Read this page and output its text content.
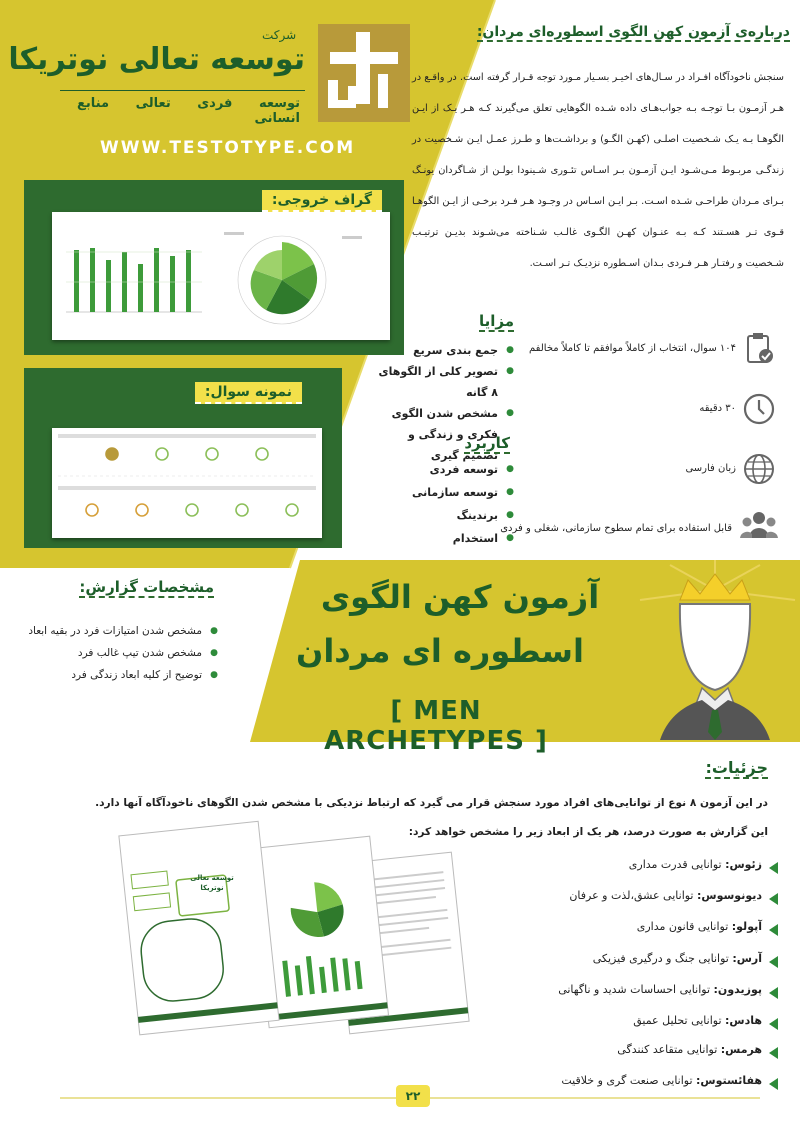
شرکت
توسعه تعالی نوتریکا
توسعه فردی تعالی منابع انسانی
WWW.TESTOTYPE.COM
گراف خروجی:
نمونه سوال:
مشخصات گزارش:
● مشخص شدن امتیازات فرد در بقیه ابعاد
● مشخص شدن تیپ غالب فرد
● توضیح از کلیه ابعاد زندگی فرد
درباره‌ی آزمون کهن الگوی اسطوره‌ای مردان:
سنجش ناخودآگاه افـراد در سـال‌های اخیـر بسـیار مـورد توجه قـرار گرفته است. در واقـع در هـر آزمـون بـا توجـه بـه جواب‌هـای داده شـده الگوهایی تعلق می‌گیرند کـه هـر یـک از ایـن الگوهـا بـه یـک شـخصیت اصلـی (کهـن الگـو) و برداشـت‌ها و طـرز عمـل ایـن شـخصیت در زندگـی مربـوط مـی‌شـود ایـن آزمـون بـر اسـاس تئـوری شـینودا بولـن از شـاگردان یونـگ بـرای مـردان طراحـی شـده اسـت. بـر ایـن اسـاس در وجـود هـر فـرد برخـی از ایـن الگوهـا قـوی تـر هسـتند کـه بـه عنـوان کهـن الگـوی غالـب شـناخته می‌شـوند بدیـن ترتیـب شـخصیت و رفتـار هـر فـردی بـدان اسـطوره نزدیـک تـر اسـت.
۱۰۴ سوال، انتخاب از کاملاً موافقم تا کاملاً مخالفم
۳۰ دقیقه
زبان فارسی
قابل استفاده برای تمام سطوح سازمانی، شغلی و فردی
مزایا
● جمع بندی سریع
● تصویر کلی از الگوهای ۸ گانه
● مشخص شدن الگوی فکری و زندگی و تصمیم گیری
کاربرد
● توسعه فردی
● توسعه سازمانی
● برندینگ
● استخدام
آزمون کهن الگوی
اسطوره ای مردان
[ MEN ARCHETYPES ]
جزئیات:
در این آزمون ۸ نوع از توانایی‌های افراد مورد سنجش قرار می گیرد که ارتباط نزدیکی با مشخص شدن الگوهای ناخودآگاه آنها دارد.
این گزارش به صورت درصد، هر یک از ابعاد زیر را مشخص خواهد کرد:
زئوس: توانایی قدرت مداری
دیونوسوس: توانایی عشق،لذت و عرفان
آپولو: توانایی قانون مداری
آرس: توانایی جنگ و درگیری فیزیکی
پوزیدون: توانایی احساسات شدید و ناگهانی
هادس: توانایی تحلیل عمیق
هرمس: توانایی متقاعد کنندگی
هفائستوس: توانایی صنعت گری و خلاقیت
توسعه تعالی نوتریکا
۲۲
